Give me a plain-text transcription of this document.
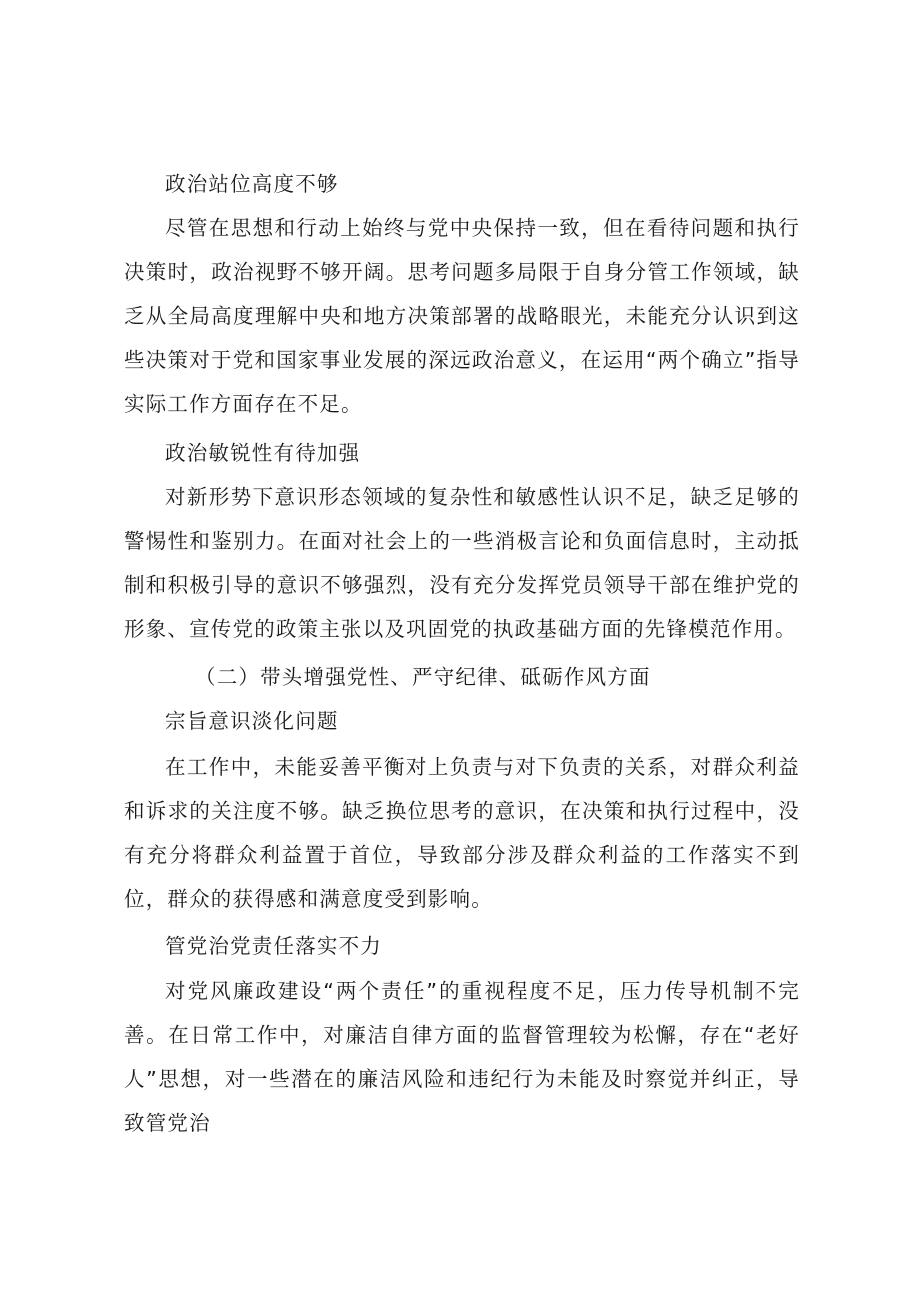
政治站位高度不够

尽管在思想和行动上始终与党中央保持一致，但在看待问题和执行决策时，政治视野不够开阔。思考问题多局限于自身分管工作领域，缺乏从全局高度理解中央和地方决策部署的战略眼光，未能充分认识到这些决策对于党和国家事业发展的深远政治意义，在运用“两个确立”指导实际工作方面存在不足。

政治敏锐性有待加强

对新形势下意识形态领域的复杂性和敏感性认识不足，缺乏足够的警惕性和鉴别力。在面对社会上的一些消极言论和负面信息时，主动抵制和积极引导的意识不够强烈，没有充分发挥党员领导干部在维护党的形象、宣传党的政策主张以及巩固党的执政基础方面的先锋模范作用。

（二）带头增强党性、严守纪律、砥砺作风方面

宗旨意识淡化问题

在工作中，未能妥善平衡对上负责与对下负责的关系，对群众利益和诉求的关注度不够。缺乏换位思考的意识，在决策和执行过程中，没有充分将群众利益置于首位，导致部分涉及群众利益的工作落实不到位，群众的获得感和满意度受到影响。

管党治党责任落实不力

对党风廉政建设“两个责任”的重视程度不足，压力传导机制不完善。在日常工作中，对廉洁自律方面的监督管理较为松懈，存在“老好人”思想，对一些潜在的廉洁风险和违纪行为未能及时察觉并纠正，导致管党治
